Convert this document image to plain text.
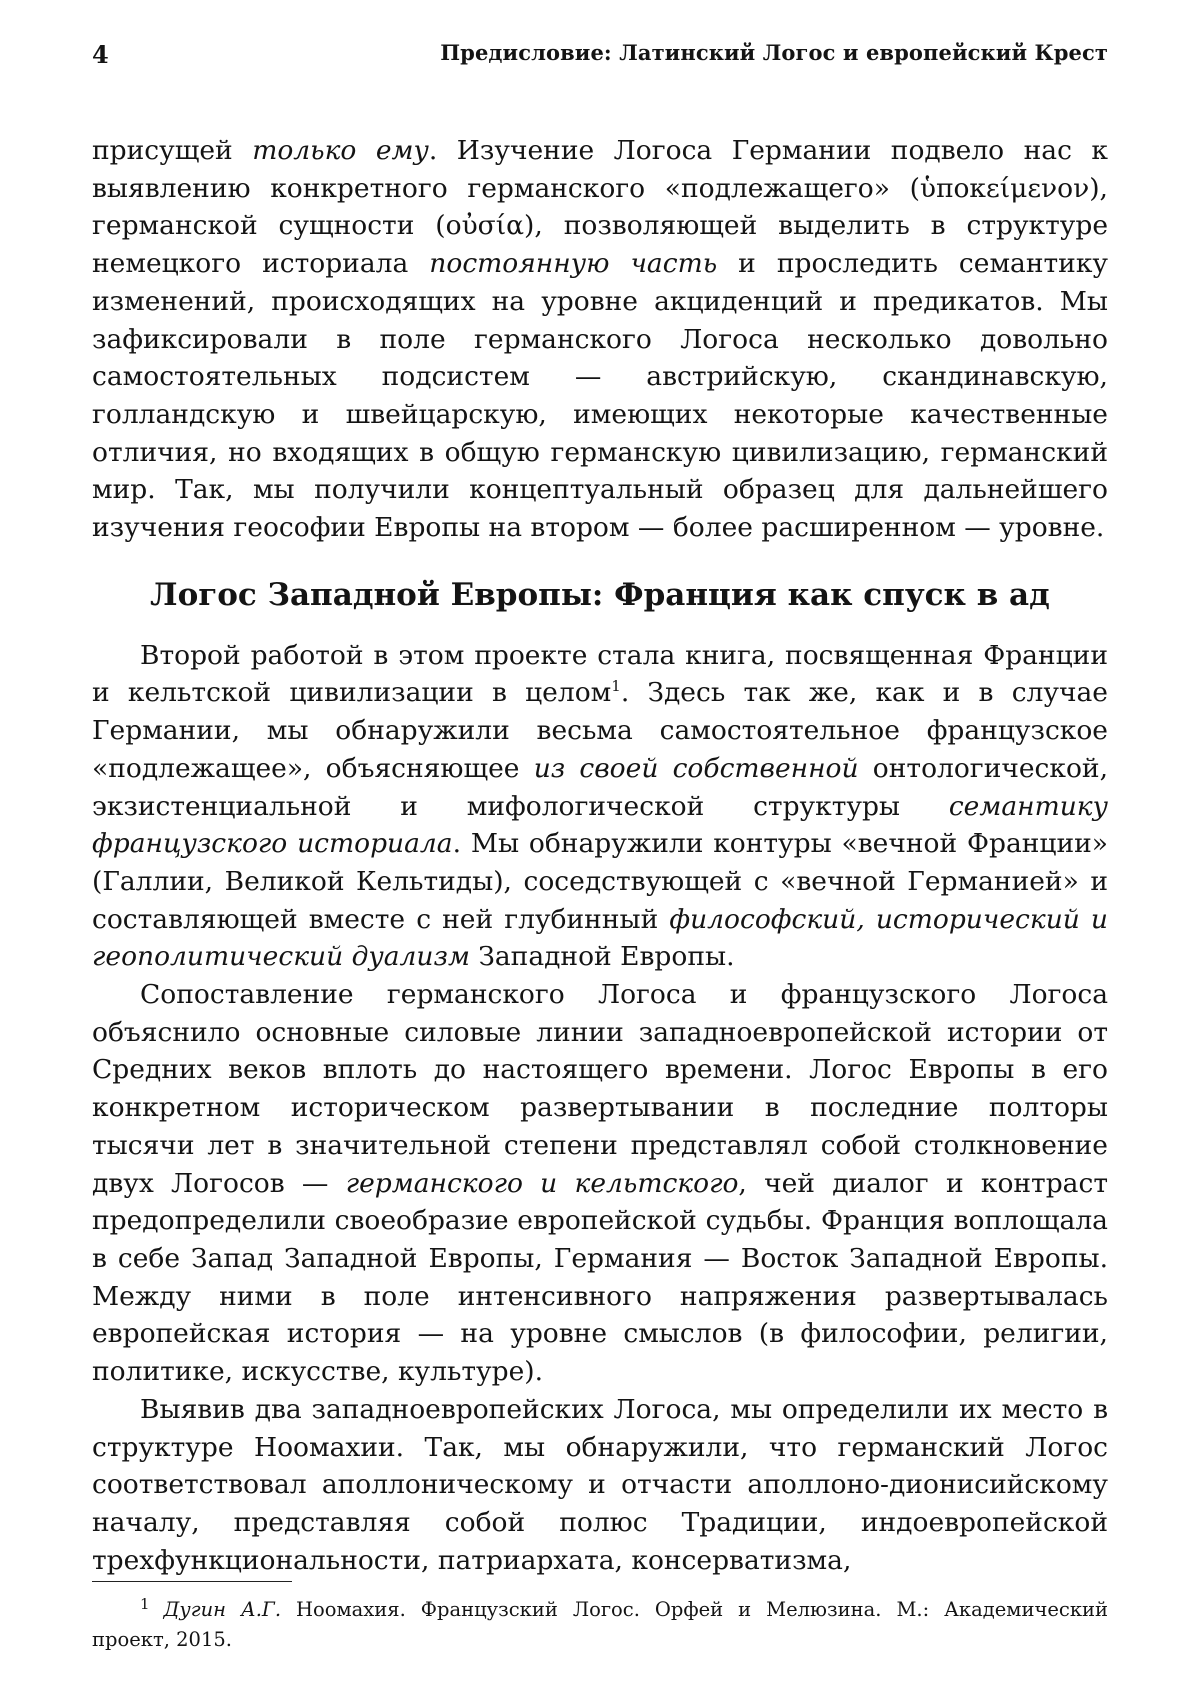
4	Предисловие: Латинский Логос и европейский Крест

присущей только ему. Изучение Логоса Германии подвело нас к выявлению конкретного германского «подлежащего» (ὑποκείμενον), германской сущности (οὐσία), позволяющей выделить в структуре немецкого историала постоянную часть и проследить семантику изменений, происходящих на уровне акциденций и предикатов. Мы зафиксировали в поле германского Логоса несколько довольно самостоятельных подсистем — австрийскую, скандинавскую, голландскую и швейцарскую, имеющих некоторые качественные отличия, но входящих в общую германскую цивилизацию, германский мир. Так, мы получили концептуальный образец для дальнейшего изучения геософии Европы на втором — более расширенном — уровне.

Логос Западной Европы: Франция как спуск в ад

Второй работой в этом проекте стала книга, посвященная Франции и кельтской цивилизации в целом$^1$. Здесь так же, как и в случае Германии, мы обнаружили весьма самостоятельное французское «подлежащее», объясняющее из своей собственной онтологической, экзистенциальной и мифологической структуры семантику французского историала. Мы обнаружили контуры «вечной Франции» (Галлии, Великой Кельтиды), соседствующей с «вечной Германией» и составляющей вместе с ней глубинный философский, исторический и геополитический дуализм Западной Европы.

Сопоставление германского Логоса и французского Логоса объяснило основные силовые линии западноевропейской истории от Средних веков вплоть до настоящего времени. Логос Европы в его конкретном историческом развертывании в последние полторы тысячи лет в значительной степени представлял собой столкновение двух Логосов — германского и кельтского, чей диалог и контраст предопределили своеобразие европейской судьбы. Франция воплощала в себе Запад Западной Европы, Германия — Восток Западной Европы. Между ними в поле интенсивного напряжения развертывалась европейская история — на уровне смыслов (в философии, религии, политике, искусстве, культуре).

Выявив два западноевропейских Логоса, мы определили их место в структуре Ноомахии. Так, мы обнаружили, что германский Логос соответствовал аполлоническому и отчасти аполлоно-дионисийскому началу, представляя собой полюс Традиции, индоевропейской трехфункциональности, патриархата, консерватизма,

$^1$ Дугин А.Г. Ноомахия. Французский Логос. Орфей и Мелюзина. М.: Академический проект, 2015.
